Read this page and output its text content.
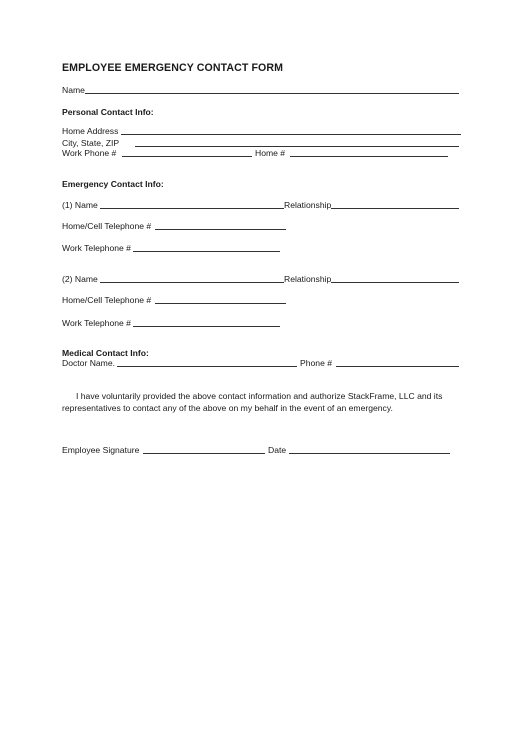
EMPLOYEE EMERGENCY CONTACT FORM
Name
Personal Contact Info:
Home Address
City, State, ZIP
Work Phone #	Home #
Emergency Contact Info:
(1) Name	Relationship
Home/Cell Telephone #
Work Telephone #
(2) Name	Relationship
Home/Cell Telephone #
Work Telephone #
Medical Contact Info:
Doctor Name.	Phone #
I have voluntarily provided the above contact information and authorize StackFrame, LLC and its
representatives to contact any of the above on my behalf in the event of an emergency.
Employee Signature	Date
